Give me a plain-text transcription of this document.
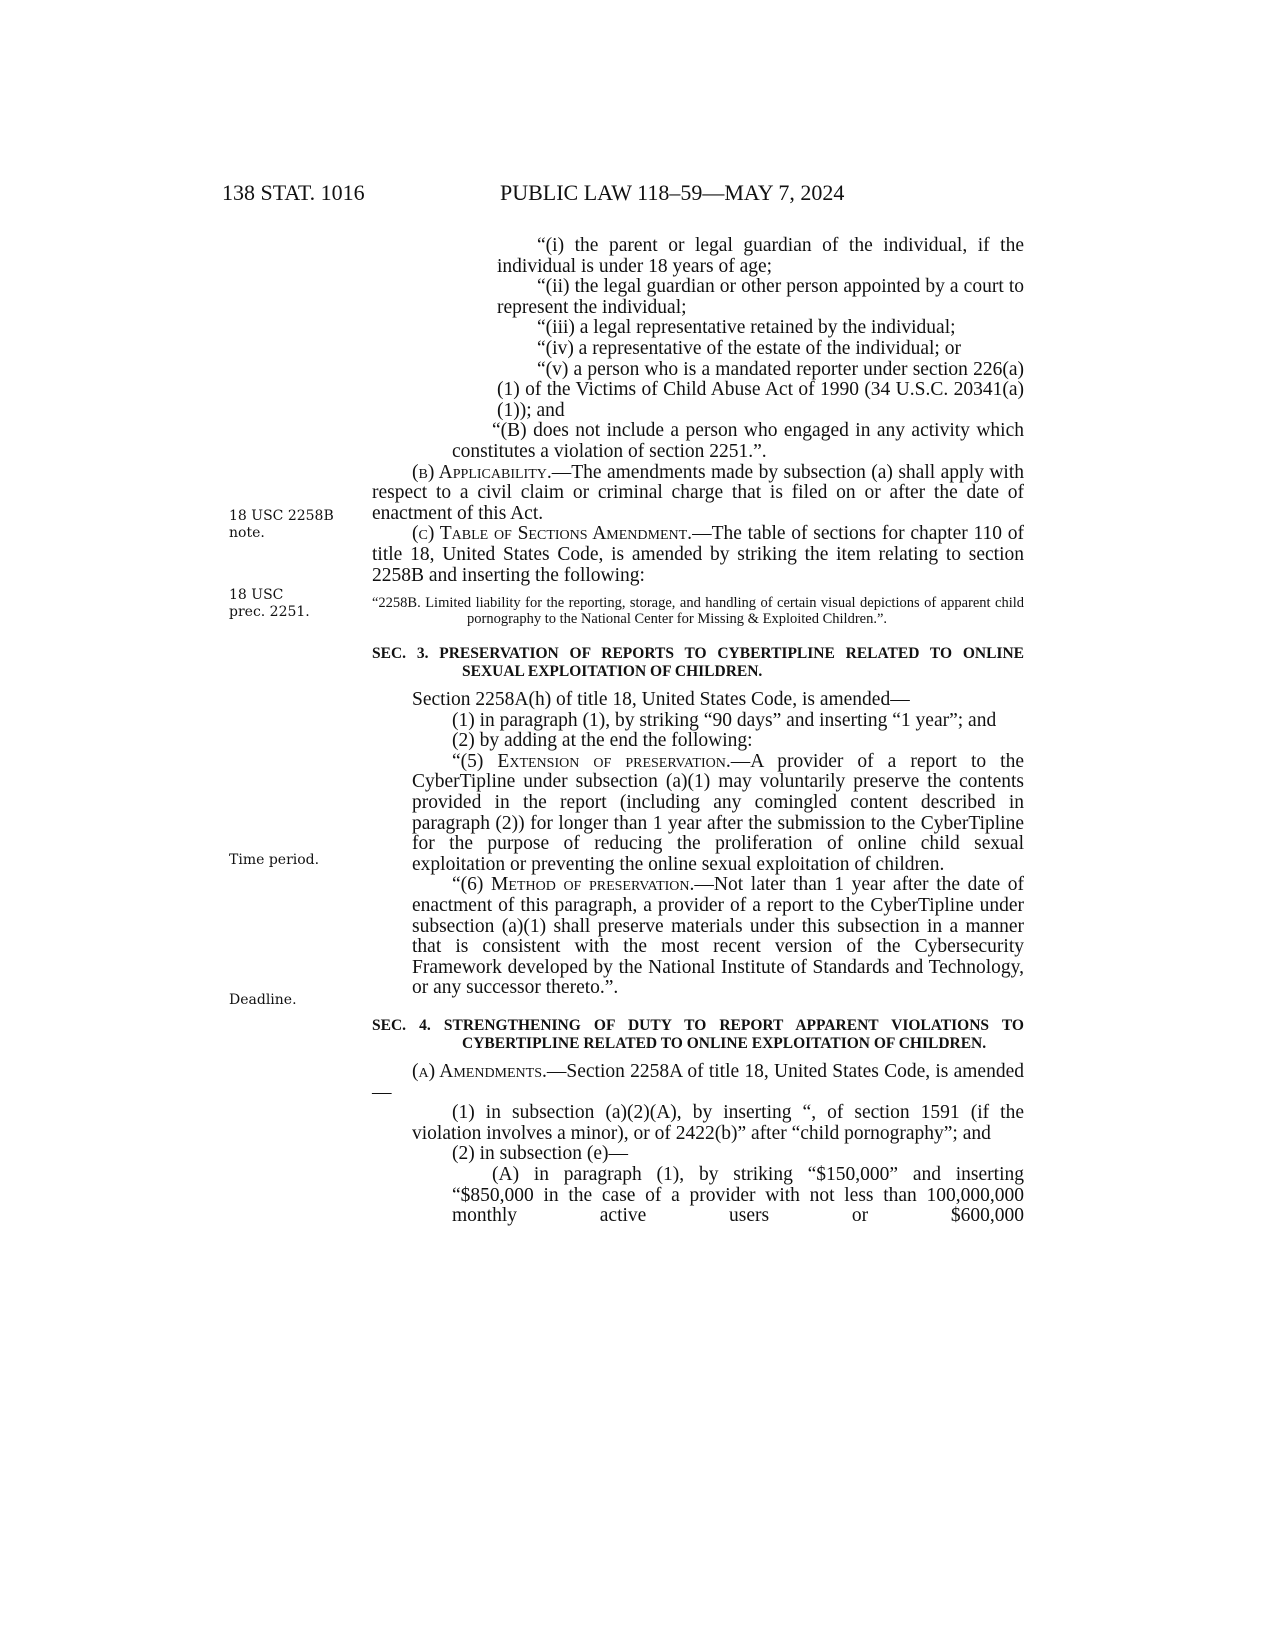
138 STAT. 1016	PUBLIC LAW 118–59—MAY 7, 2024
18 USC 2258B
note.
18 USC
prec. 2251.
Time period.
Deadline.

“(i) the parent or legal guardian of the individual, if the individual is under 18 years of age;

“(ii) the legal guardian or other person appointed by a court to represent the individual;

“(iii) a legal representative retained by the individual;

“(iv) a representative of the estate of the individual; or

“(v) a person who is a mandated reporter under section 226(a)(1) of the Victims of Child Abuse Act of 1990 (34 U.S.C. 20341(a)(1)); and

“(B) does not include a person who engaged in any activity which constitutes a violation of section 2251.”.

(b) Applicability.—The amendments made by subsection (a) shall apply with respect to a civil claim or criminal charge that is filed on or after the date of enactment of this Act.

(c) Table of Sections Amendment.—The table of sections for chapter 110 of title 18, United States Code, is amended by striking the item relating to section 2258B and inserting the following:

“2258B. Limited liability for the reporting, storage, and handling of certain visual depictions of apparent child pornography to the National Center for Missing & Exploited Children.”.

SEC. 3. PRESERVATION OF REPORTS TO CYBERTIPLINE RELATED TO ONLINE SEXUAL EXPLOITATION OF CHILDREN.

Section 2258A(h) of title 18, United States Code, is amended—

(1) in paragraph (1), by striking “90 days” and inserting “1 year”; and

(2) by adding at the end the following:

“(5) Extension of preservation.—A provider of a report to the CyberTipline under subsection (a)(1) may voluntarily preserve the contents provided in the report (including any comingled content described in paragraph (2)) for longer than 1 year after the submission to the CyberTipline for the purpose of reducing the proliferation of online child sexual exploitation or preventing the online sexual exploitation of children.

“(6) Method of preservation.—Not later than 1 year after the date of enactment of this paragraph, a provider of a report to the CyberTipline under subsection (a)(1) shall preserve materials under this subsection in a manner that is consistent with the most recent version of the Cybersecurity Framework developed by the National Institute of Standards and Technology, or any successor thereto.”.

SEC. 4. STRENGTHENING OF DUTY TO REPORT APPARENT VIOLATIONS TO CYBERTIPLINE RELATED TO ONLINE EXPLOITATION OF CHILDREN.

(a) Amendments.—Section 2258A of title 18, United States Code, is amended—

(1) in subsection (a)(2)(A), by inserting “, of section 1591 (if the violation involves a minor), or of 2422(b)” after “child pornography”; and

(2) in subsection (e)—

(A) in paragraph (1), by striking “$150,000” and inserting “$850,000 in the case of a provider with not less than 100,000,000 monthly active users or $600,000
